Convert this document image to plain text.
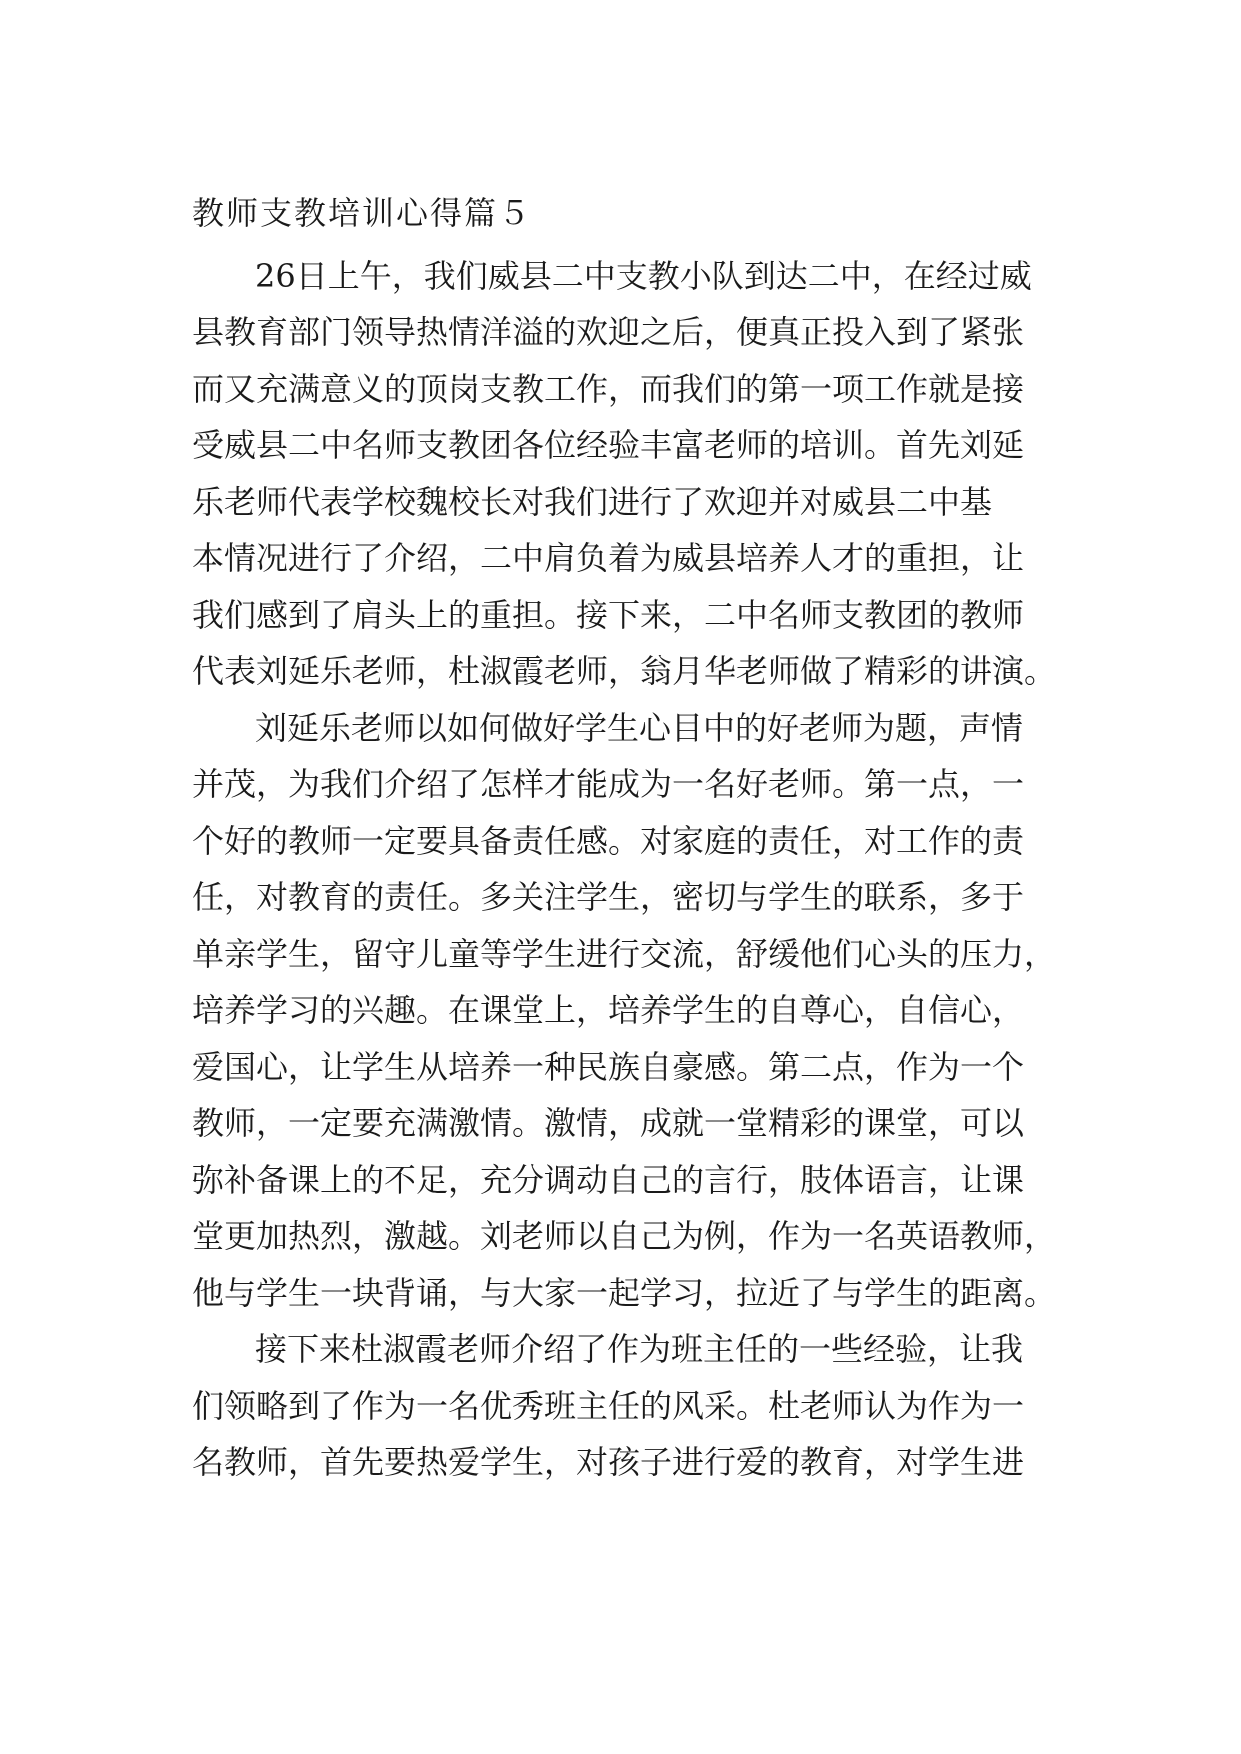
教师支教培训心得篇５
26日上午，我们威县二中支教小队到达二中，在经过威
县教育部门领导热情洋溢的欢迎之后，便真正投入到了紧张
而又充满意义的顶岗支教工作，而我们的第一项工作就是接
受威县二中名师支教团各位经验丰富老师的培训。首先刘延
乐老师代表学校魏校长对我们进行了欢迎并对威县二中基
本情况进行了介绍，二中肩负着为威县培养人才的重担，让
我们感到了肩头上的重担。接下来，二中名师支教团的教师
代表刘延乐老师，杜淑霞老师，翁月华老师做了精彩的讲演。
刘延乐老师以如何做好学生心目中的好老师为题，声情
并茂，为我们介绍了怎样才能成为一名好老师。第一点，一
个好的教师一定要具备责任感。对家庭的责任，对工作的责
任，对教育的责任。多关注学生，密切与学生的联系，多于
单亲学生，留守儿童等学生进行交流，舒缓他们心头的压力，
培养学习的兴趣。在课堂上，培养学生的自尊心，自信心，
爱国心，让学生从培养一种民族自豪感。第二点，作为一个
教师，一定要充满激情。激情，成就一堂精彩的课堂，可以
弥补备课上的不足，充分调动自己的言行，肢体语言，让课
堂更加热烈，激越。刘老师以自己为例，作为一名英语教师，
他与学生一块背诵，与大家一起学习，拉近了与学生的距离。
接下来杜淑霞老师介绍了作为班主任的一些经验，让我
们领略到了作为一名优秀班主任的风采。杜老师认为作为一
名教师，首先要热爱学生，对孩子进行爱的教育，对学生进
